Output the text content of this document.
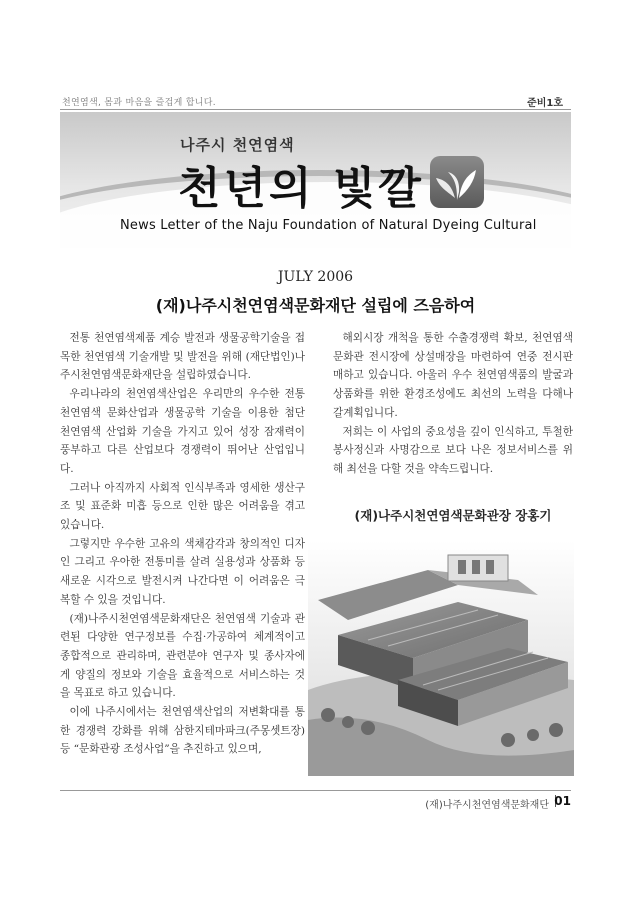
천연염색, 몸과 마음을 즐겁게 합니다.	준비1호
나주시 천연염색
천년의 빛깔
News Letter of the Naju Foundation of Natural Dyeing Cultural
JULY 2006
(재)나주시천연염색문화재단 설립에 즈음하여

전통 천연염색제품 계승 발전과 생물공학기술을 접목한 천연염색 기술개발 및 발전을 위해 (재단법인)나주시천연염색문화재단을 설립하였습니다.

우리나라의 천연염색산업은 우리만의 우수한 전통 천연염색 문화산업과 생물공학 기술을 이용한 첨단 천연염색 산업화 기술을 가지고 있어 성장 잠재력이 풍부하고 다른 산업보다 경쟁력이 뛰어난 산업입니다.

그러나 아직까지 사회적 인식부족과 영세한 생산구조 및 표준화 미흡 등으로 인한 많은 어려움을 겪고 있습니다.

그렇지만 우수한 고유의 색채감각과 창의적인 디자인 그리고 우아한 전통미를 살려 실용성과 상품화 등 새로운 시각으로 발전시켜 나간다면 이 어려움은 극복할 수 있을 것입니다.

(재)나주시천연염색문화재단은 천연염색 기술과 관련된 다양한 연구정보를 수집·가공하여 체계적이고 종합적으로 관리하며, 관련분야 연구자 및 종사자에게 양질의 정보와 기술을 효율적으로 서비스하는 것을 목표로 하고 있습니다.

이에 나주시에서는 천연염색산업의 저변확대를 통한 경쟁력 강화를 위해 삼한지테마파크(주몽셋트장)등 “문화관광 조성사업”을 추진하고 있으며,

해외시장 개척을 통한 수출경쟁력 확보, 천연염색 문화관 전시장에 상설매장을 마련하여 연중 전시판매하고 있습니다. 아울러 우수 천연염색품의 발굴과 상품화를 위한 환경조성에도 최선의 노력을 다해나갈계획입니다.

저희는 이 사업의 중요성을 깊이 인식하고, 투철한 봉사정신과 사명감으로 보다 나은 정보서비스를 위해 최선을 다할 것을 약속드립니다.

(재)나주시천연염색문화관장 장홍기
(재)나주시천연염색문화재단 01
